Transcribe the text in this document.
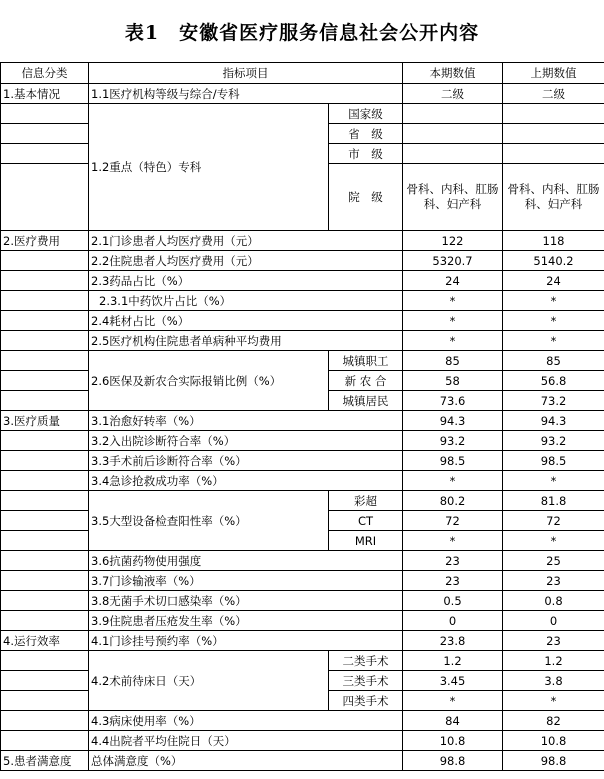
表1　安徽省医疗服务信息社会公开内容
信息分类	指标项目		本期数值	上期数值
1.基本情况	1.1医疗机构等级与综合/专科		二级	二级
	1.2重点（特色）专科	国家级		
		省　级		
		市　级		
		院　级	骨科、内科、肛肠科、妇产科	骨科、内科、肛肠科、妇产科
2.医疗费用	2.1门诊患者人均医疗费用（元）		122	118
	2.2住院患者人均医疗费用（元）		5320.7	5140.2
	2.3药品占比（%）		24	24
	2.3.1中药饮片占比（%）		*	*
	2.4耗材占比（%）		*	*
	2.5医疗机构住院患者单病种平均费用		*	*
	2.6医保及新农合实际报销比例（%）	城镇职工	85	85
		新 农 合	58	56.8
		城镇居民	73.6	73.2
3.医疗质量	3.1治愈好转率（%）		94.3	94.3
	3.2入出院诊断符合率（%）		93.2	93.2
	3.3手术前后诊断符合率（%）		98.5	98.5
	3.4急诊抢救成功率（%）		*	*
	3.5大型设备检查阳性率（%）	彩超	80.2	81.8
		CT	72	72
		MRI	*	*
	3.6抗菌药物使用强度		23	25
	3.7门诊输液率（%）		23	23
	3.8无菌手术切口感染率（%）		0.5	0.8
	3.9住院患者压疮发生率（%）		0	0
4.运行效率	4.1门诊挂号预约率（%）		23.8	23
	4.2术前待床日（天）	二类手术	1.2	1.2
		三类手术	3.45	3.8
		四类手术	*	*
	4.3病床使用率（%）		84	82
	4.4出院者平均住院日（天）		10.8	10.8
5.患者满意度	总体满意度（%）		98.8	98.8
